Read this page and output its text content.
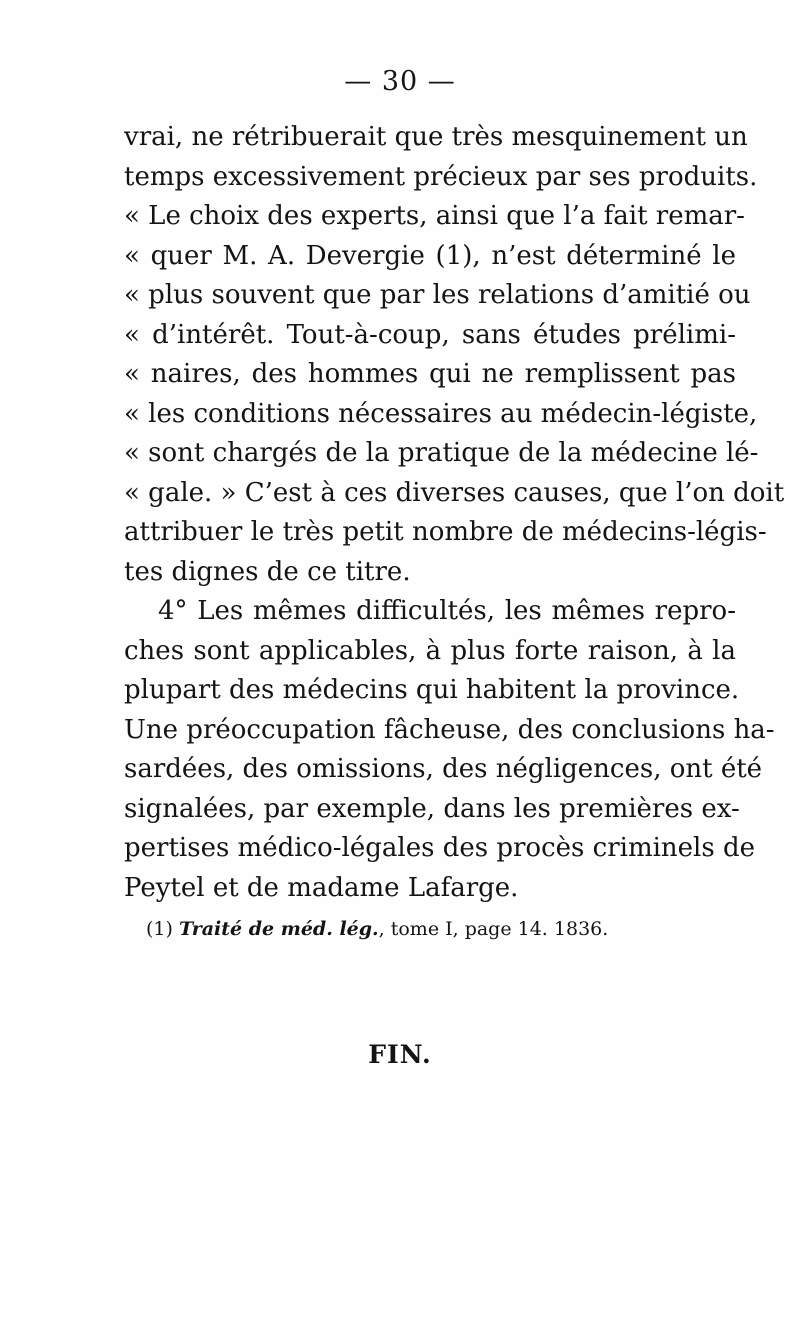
— 30 —
vrai, ne rétribuerait que très mesquinement un
temps excessivement précieux par ses produits.
« Le choix des experts, ainsi que l’a fait remar-
« quer M. A. Devergie (1), n’est déterminé le
« plus souvent que par les relations d’amitié ou
« d’intérêt. Tout-à-coup, sans études prélimi-
« naires, des hommes qui ne remplissent pas
« les conditions nécessaires au médecin-légiste,
« sont chargés de la pratique de la médecine lé-
« gale. » C’est à ces diverses causes, que l’on doit
attribuer le très petit nombre de médecins-légis-
tes dignes de ce titre.
4° Les mêmes difficultés, les mêmes repro-
ches sont applicables, à plus forte raison, à la
plupart des médecins qui habitent la province.
Une préoccupation fâcheuse, des conclusions ha-
sardées, des omissions, des négligences, ont été
signalées, par exemple, dans les premières ex-
pertises médico-légales des procès criminels de
Peytel et de madame Lafarge.
(1) Traité de méd. lég., tome I, page 14. 1836.
FIN.
